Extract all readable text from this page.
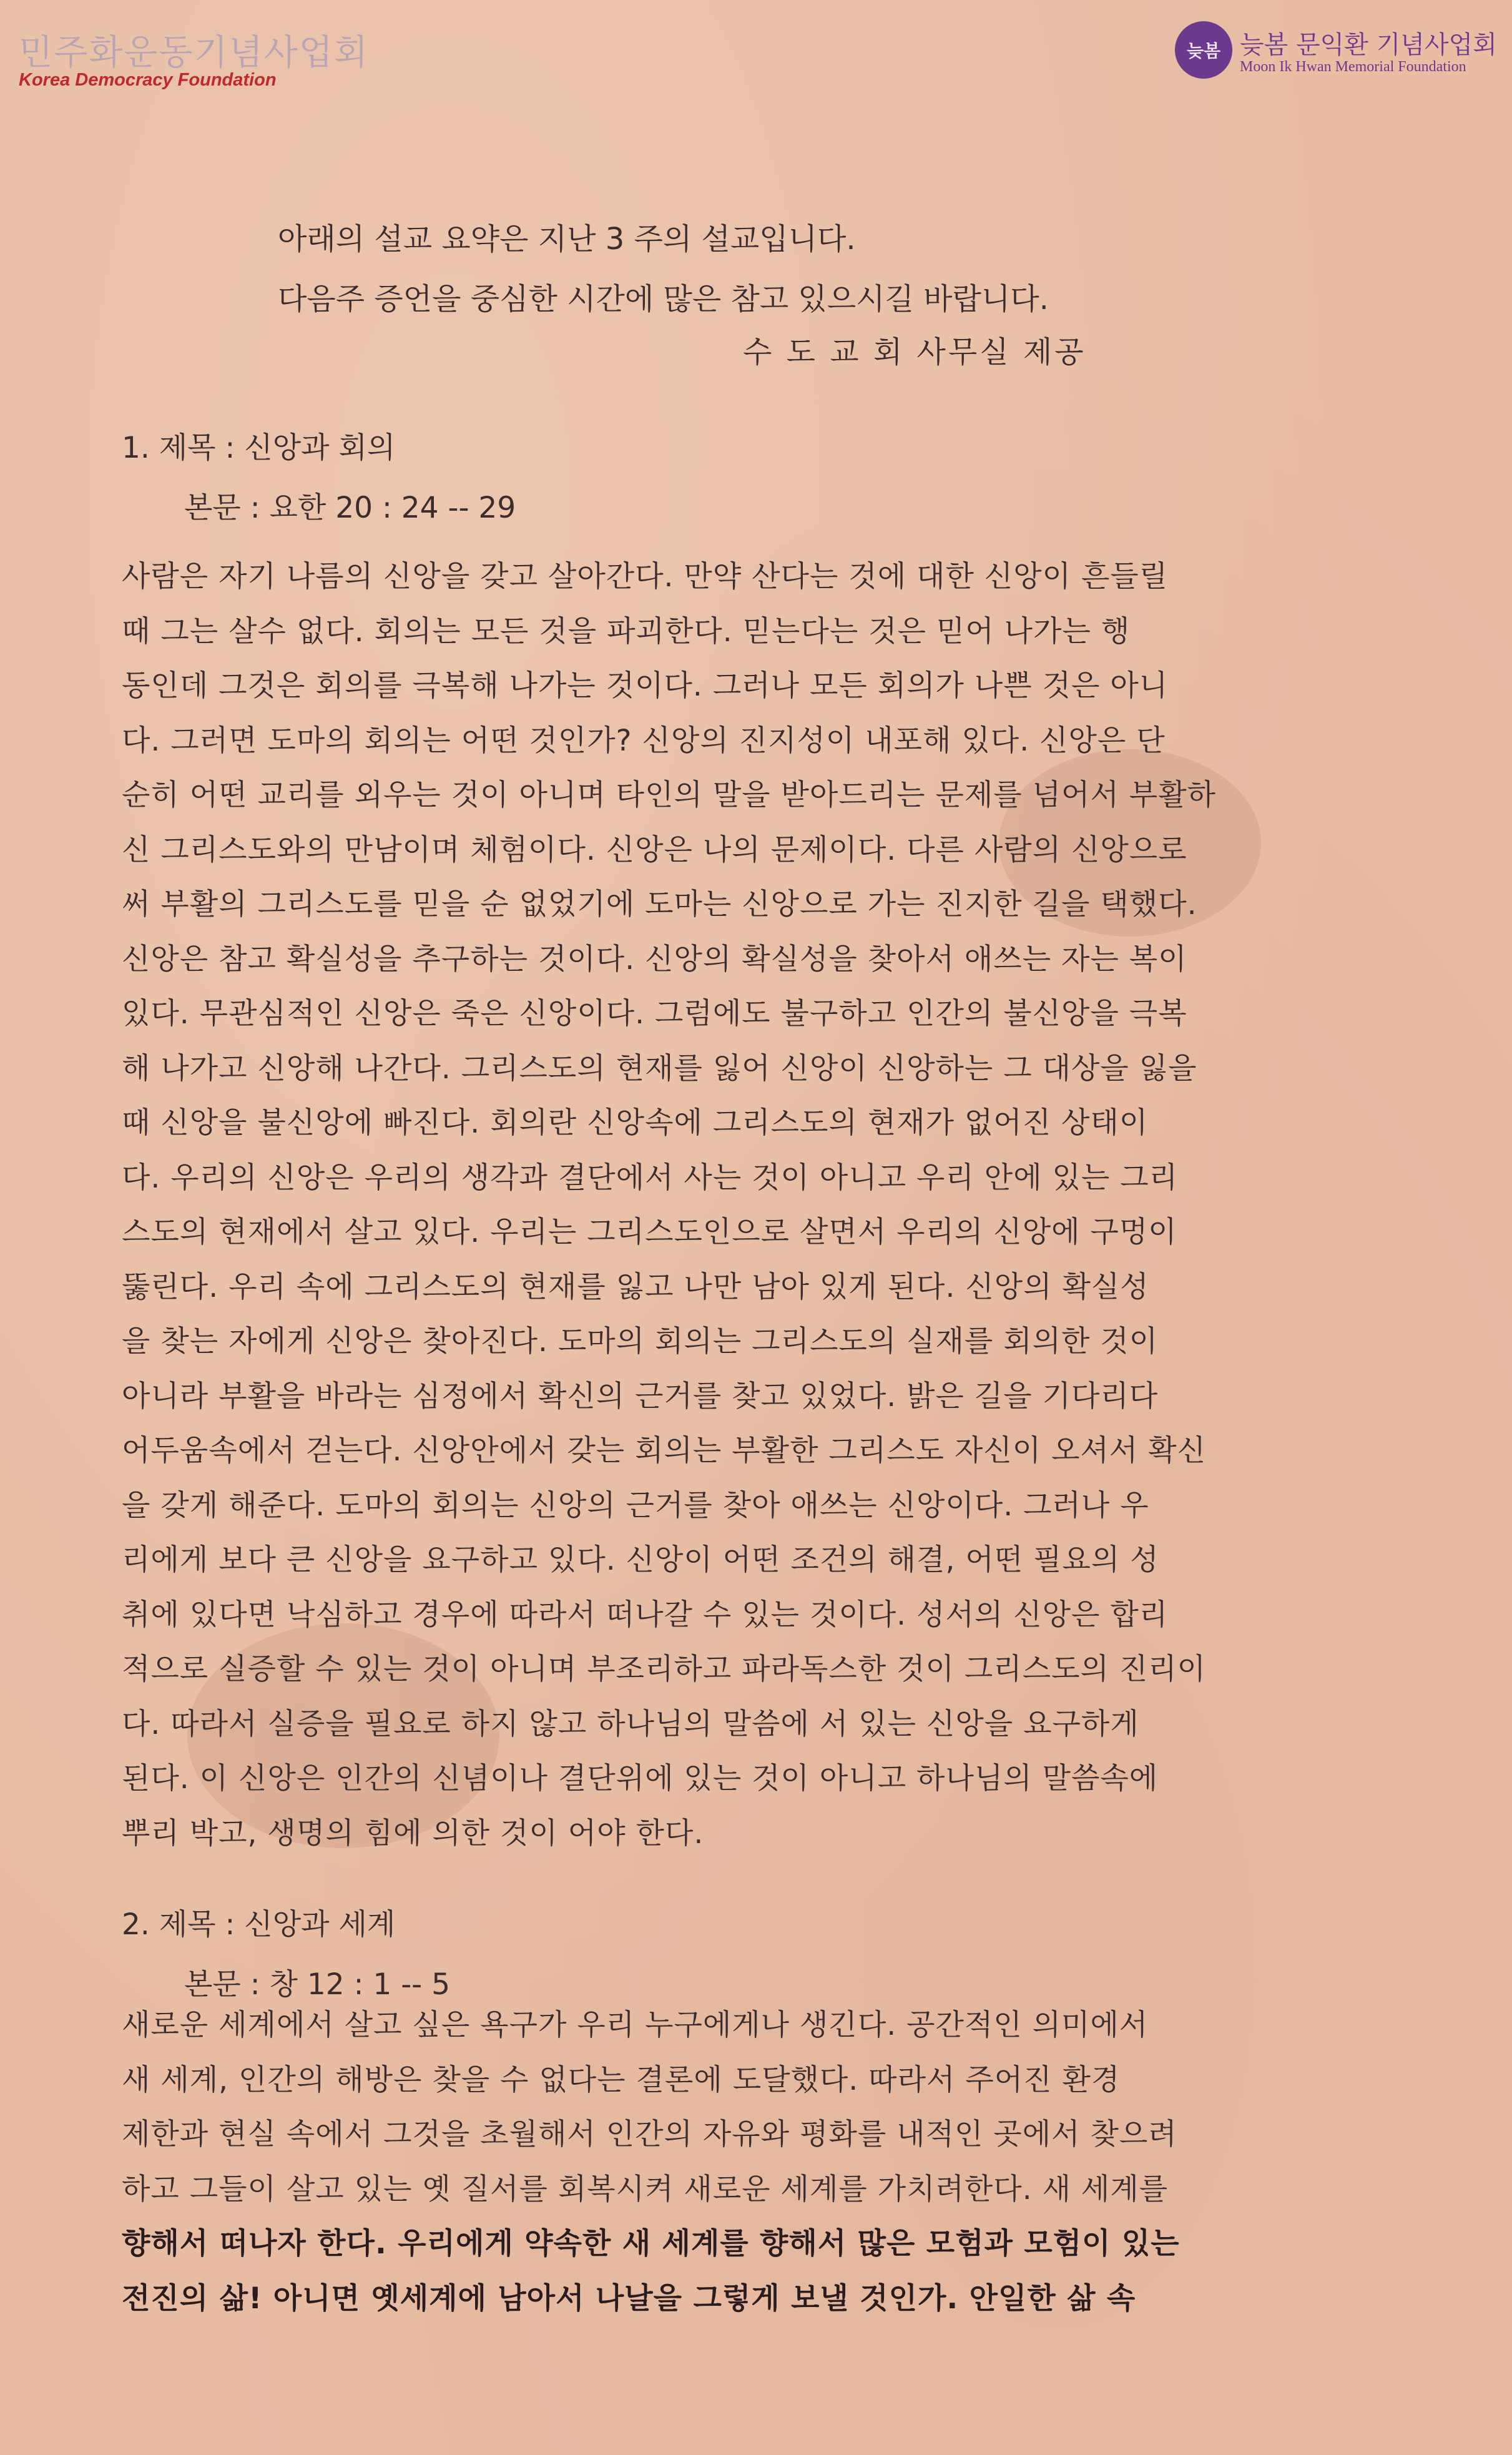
민주화운동기념사업회
Korea Democracy Foundation
늦봄 늦봄 문익환 기념사업회
Moon Ik Hwan Memorial Foundation
아래의 설교 요약은 지난 3 주의 설교입니다.
다음주 증언을 중심한 시간에 많은 참고 있으시길 바랍니다.
수 도 교 회 사무실 제공
1. 제목 : 신앙과 회의
본문 : 요한 20 : 24 -- 29
사람은 자기 나름의 신앙을 갖고 살아간다. 만약 산다는 것에 대한 신앙이 흔들릴
때 그는 살수 없다. 회의는 모든 것을 파괴한다. 믿는다는 것은 믿어 나가는 행
동인데 그것은 회의를 극복해 나가는 것이다. 그러나 모든 회의가 나쁜 것은 아니
다. 그러면 도마의 회의는 어떤 것인가? 신앙의 진지성이 내포해 있다. 신앙은 단
순히 어떤 교리를 외우는 것이 아니며 타인의 말을 받아드리는 문제를 넘어서 부활하
신 그리스도와의 만남이며 체험이다. 신앙은 나의 문제이다. 다른 사람의 신앙으로
써 부활의 그리스도를 믿을 순 없었기에 도마는 신앙으로 가는 진지한 길을 택했다.
신앙은 참고 확실성을 추구하는 것이다. 신앙의 확실성을 찾아서 애쓰는 자는 복이
있다. 무관심적인 신앙은 죽은 신앙이다. 그럼에도 불구하고 인간의 불신앙을 극복
해 나가고 신앙해 나간다. 그리스도의 현재를 잃어 신앙이 신앙하는 그 대상을 잃을
때 신앙을 불신앙에 빠진다. 회의란 신앙속에 그리스도의 현재가 없어진 상태이
다. 우리의 신앙은 우리의 생각과 결단에서 사는 것이 아니고 우리 안에 있는 그리
스도의 현재에서 살고 있다. 우리는 그리스도인으로 살면서 우리의 신앙에 구멍이
뚫린다. 우리 속에 그리스도의 현재를 잃고 나만 남아 있게 된다. 신앙의 확실성
을 찾는 자에게 신앙은 찾아진다. 도마의 회의는 그리스도의 실재를 회의한 것이
아니라 부활을 바라는 심정에서 확신의 근거를 찾고 있었다. 밝은 길을 기다리다
어두움속에서 걷는다. 신앙안에서 갖는 회의는 부활한 그리스도 자신이 오셔서 확신
을 갖게 해준다. 도마의 회의는 신앙의 근거를 찾아 애쓰는 신앙이다. 그러나 우
리에게 보다 큰 신앙을 요구하고 있다. 신앙이 어떤 조건의 해결, 어떤 필요의 성
취에 있다면 낙심하고 경우에 따라서 떠나갈 수 있는 것이다. 성서의 신앙은 합리
적으로 실증할 수 있는 것이 아니며 부조리하고 파라독스한 것이 그리스도의 진리이
다. 따라서 실증을 필요로 하지 않고 하나님의 말씀에 서 있는 신앙을 요구하게
된다. 이 신앙은 인간의 신념이나 결단위에 있는 것이 아니고 하나님의 말씀속에
뿌리 박고, 생명의 힘에 의한 것이 어야 한다.
2. 제목 : 신앙과 세계
본문 : 창 12 : 1 -- 5
새로운 세계에서 살고 싶은 욕구가 우리 누구에게나 생긴다. 공간적인 의미에서
새 세계, 인간의 해방은 찾을 수 없다는 결론에 도달했다. 따라서 주어진 환경
제한과 현실 속에서 그것을 초월해서 인간의 자유와 평화를 내적인 곳에서 찾으려
하고 그들이 살고 있는 옛 질서를 회복시켜 새로운 세계를 가치려한다. 새 세계를
향해서 떠나자 한다. 우리에게 약속한 새 세계를 향해서 많은 모험과 모험이 있는
전진의 삶! 아니면 옛세계에 남아서 나날을 그렇게 보낼 것인가. 안일한 삶 속
